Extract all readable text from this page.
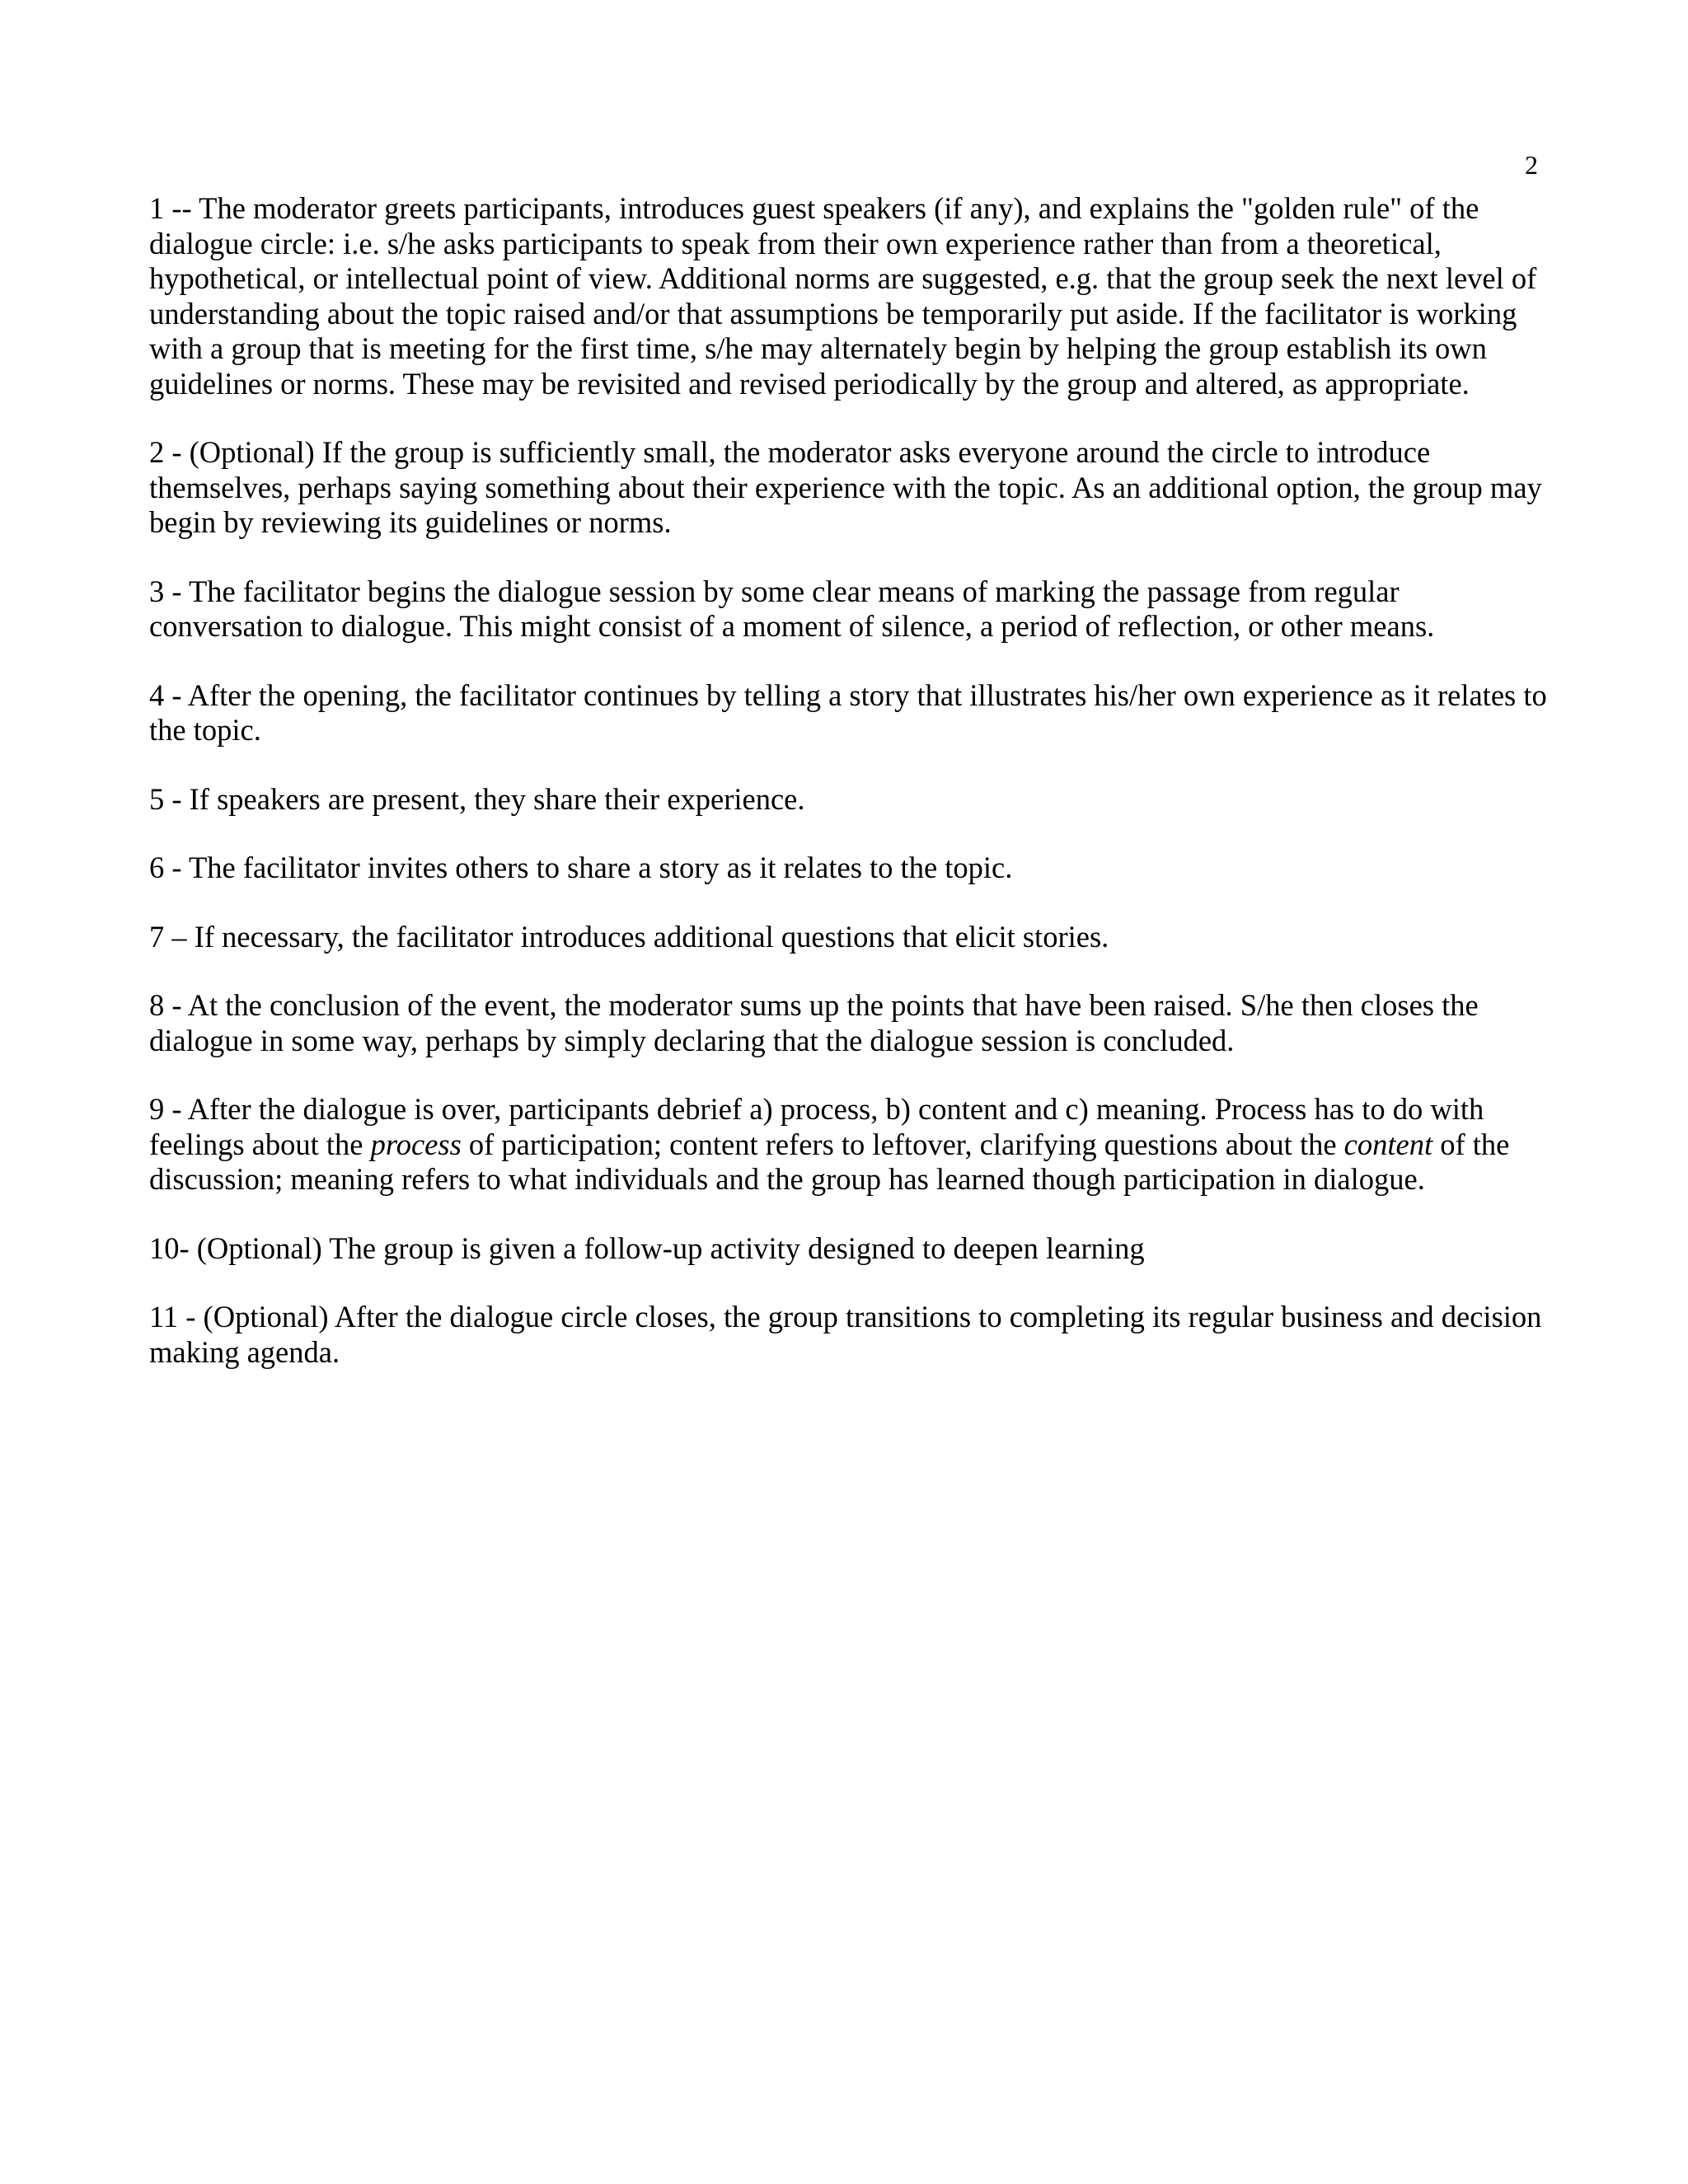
2

1 -- The moderator greets participants, introduces guest speakers (if any), and explains the "golden rule" of the dialogue circle: i.e. s/he asks participants to speak from their own experience rather than from a theoretical, hypothetical, or intellectual point of view. Additional norms are suggested, e.g. that the group seek the next level of understanding about the topic raised and/or that assumptions be temporarily put aside. If the facilitator is working with a group that is meeting for the first time, s/he may alternately begin by helping the group establish its own guidelines or norms. These may be revisited and revised periodically by the group and altered, as appropriate.

2 - (Optional) If the group is sufficiently small, the moderator asks everyone around the circle to introduce themselves, perhaps saying something about their experience with the topic. As an additional option, the group may begin by reviewing its guidelines or norms.

3 - The facilitator begins the dialogue session by some clear means of marking the passage from regular conversation to dialogue. This might consist of a moment of silence, a period of reflection, or other means.

4 - After the opening, the facilitator continues by telling a story that illustrates his/her own experience as it relates to the topic.

5 - If speakers are present, they share their experience.

6 - The facilitator invites others to share a story as it relates to the topic.

7 – If necessary, the facilitator introduces additional questions that elicit stories.

8 - At the conclusion of the event, the moderator sums up the points that have been raised. S/he then closes the dialogue in some way, perhaps by simply declaring that the dialogue session is concluded.

9 - After the dialogue is over, participants debrief a) process, b) content and c) meaning. Process has to do with feelings about the process of participation; content refers to leftover, clarifying questions about the content of the discussion; meaning refers to what individuals and the group has learned though participation in dialogue.

10- (Optional) The group is given a follow-up activity designed to deepen learning

11 - (Optional) After the dialogue circle closes, the group transitions to completing its regular business and decision making agenda.
